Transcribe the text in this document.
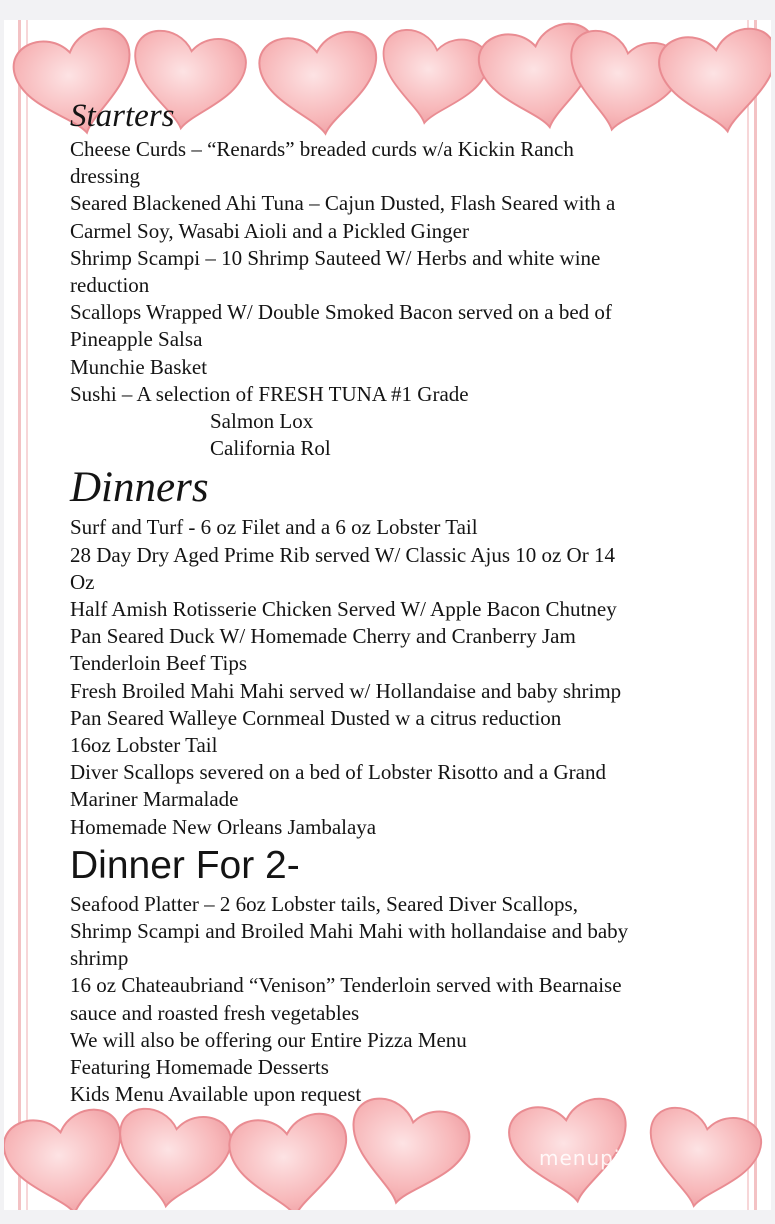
menupix
Starters
Cheese Curds – “Renards” breaded curds w/a Kickin Ranch
dressing
Seared Blackened Ahi Tuna – Cajun Dusted, Flash Seared with a
Carmel Soy, Wasabi Aioli and a Pickled Ginger
Shrimp Scampi – 10 Shrimp Sauteed W/ Herbs and white wine
reduction
Scallops Wrapped W/ Double Smoked Bacon served on a bed of
Pineapple Salsa
Munchie Basket
Sushi – A selection of FRESH TUNA #1 Grade
Salmon Lox
California Rol
Dinners
Surf and Turf - 6 oz Filet and a 6 oz Lobster Tail
28 Day Dry Aged Prime Rib served W/ Classic Ajus 10 oz Or 14
Oz
Half Amish Rotisserie Chicken Served W/ Apple Bacon Chutney
Pan Seared Duck W/ Homemade Cherry and Cranberry Jam
Tenderloin Beef Tips
Fresh Broiled Mahi Mahi served w/ Hollandaise and baby shrimp
Pan Seared Walleye Cornmeal Dusted w a citrus reduction
16oz Lobster Tail
Diver Scallops severed on a bed of Lobster Risotto and a Grand
Mariner Marmalade
Homemade New Orleans Jambalaya
Dinner For 2-
Seafood Platter – 2 6oz Lobster tails, Seared Diver Scallops,
Shrimp Scampi and Broiled Mahi Mahi with hollandaise and baby
shrimp
16 oz Chateaubriand “Venison” Tenderloin served with Bearnaise
sauce and roasted fresh vegetables
We will also be offering our Entire Pizza Menu
Featuring Homemade Desserts
Kids Menu Available upon request
